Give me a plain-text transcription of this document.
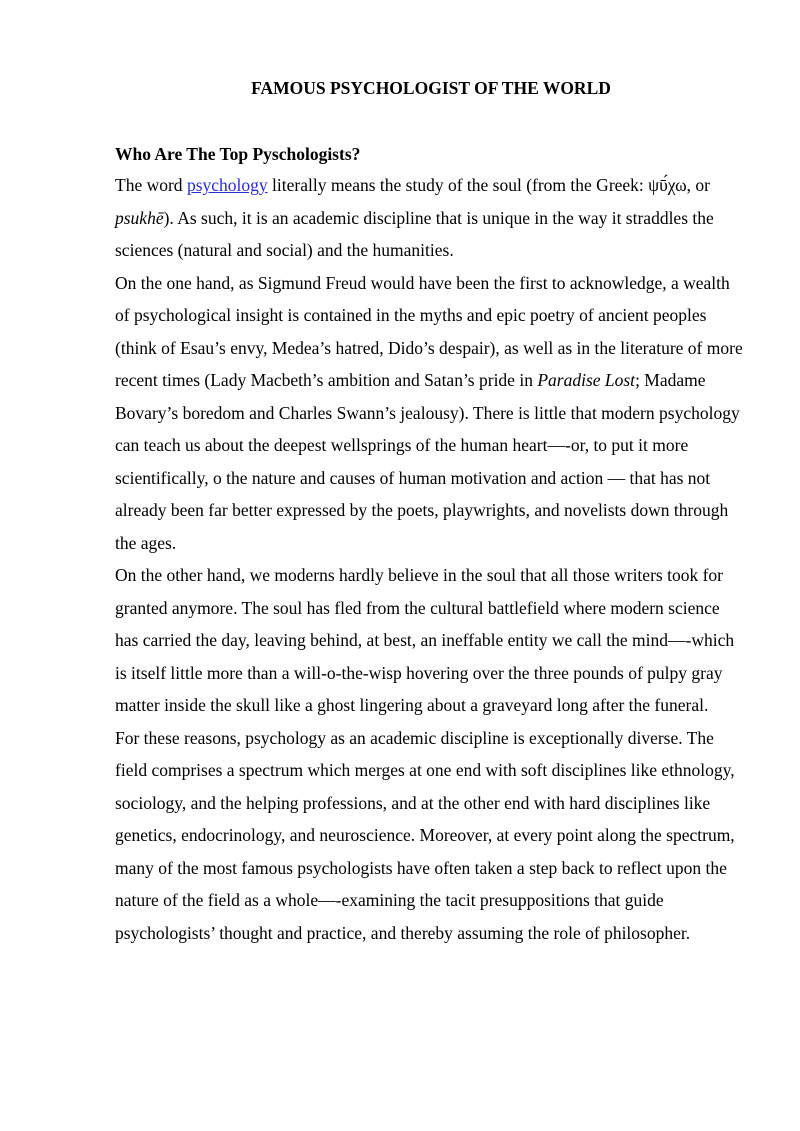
FAMOUS PSYCHOLOGIST OF THE WORLD
Who Are The Top Pyschologists?

The word psychology literally means the study of the soul (from the Greek: ψῡ́χω, or psukhē). As such, it is an academic discipline that is unique in the way it straddles the sciences (natural and social) and the humanities.

On the one hand, as Sigmund Freud would have been the first to acknowledge, a wealth of psychological insight is contained in the myths and epic poetry of ancient peoples (think of Esau’s envy, Medea’s hatred, Dido’s despair), as well as in the literature of more recent times (Lady Macbeth’s ambition and Satan’s pride in Paradise Lost; Madame Bovary’s boredom and Charles Swann’s jealousy). There is little that modern psychology can teach us about the deepest wellsprings of the human heart—-or, to put it more scientifically, o the nature and causes of human motivation and action — that has not already been far better expressed by the poets, playwrights, and novelists down through the ages.

On the other hand, we moderns hardly believe in the soul that all those writers took for granted anymore. The soul has fled from the cultural battlefield where modern science has carried the day, leaving behind, at best, an ineffable entity we call the mind—-which is itself little more than a will-o-the-wisp hovering over the three pounds of pulpy gray matter inside the skull like a ghost lingering about a graveyard long after the funeral.

For these reasons, psychology as an academic discipline is exceptionally diverse. The field comprises a spectrum which merges at one end with soft disciplines like ethnology, sociology, and the helping professions, and at the other end with hard disciplines like genetics, endocrinology, and neuroscience. Moreover, at every point along the spectrum, many of the most famous psychologists have often taken a step back to reflect upon the nature of the field as a whole—-examining the tacit presuppositions that guide psychologists’ thought and practice, and thereby assuming the role of philosopher.
